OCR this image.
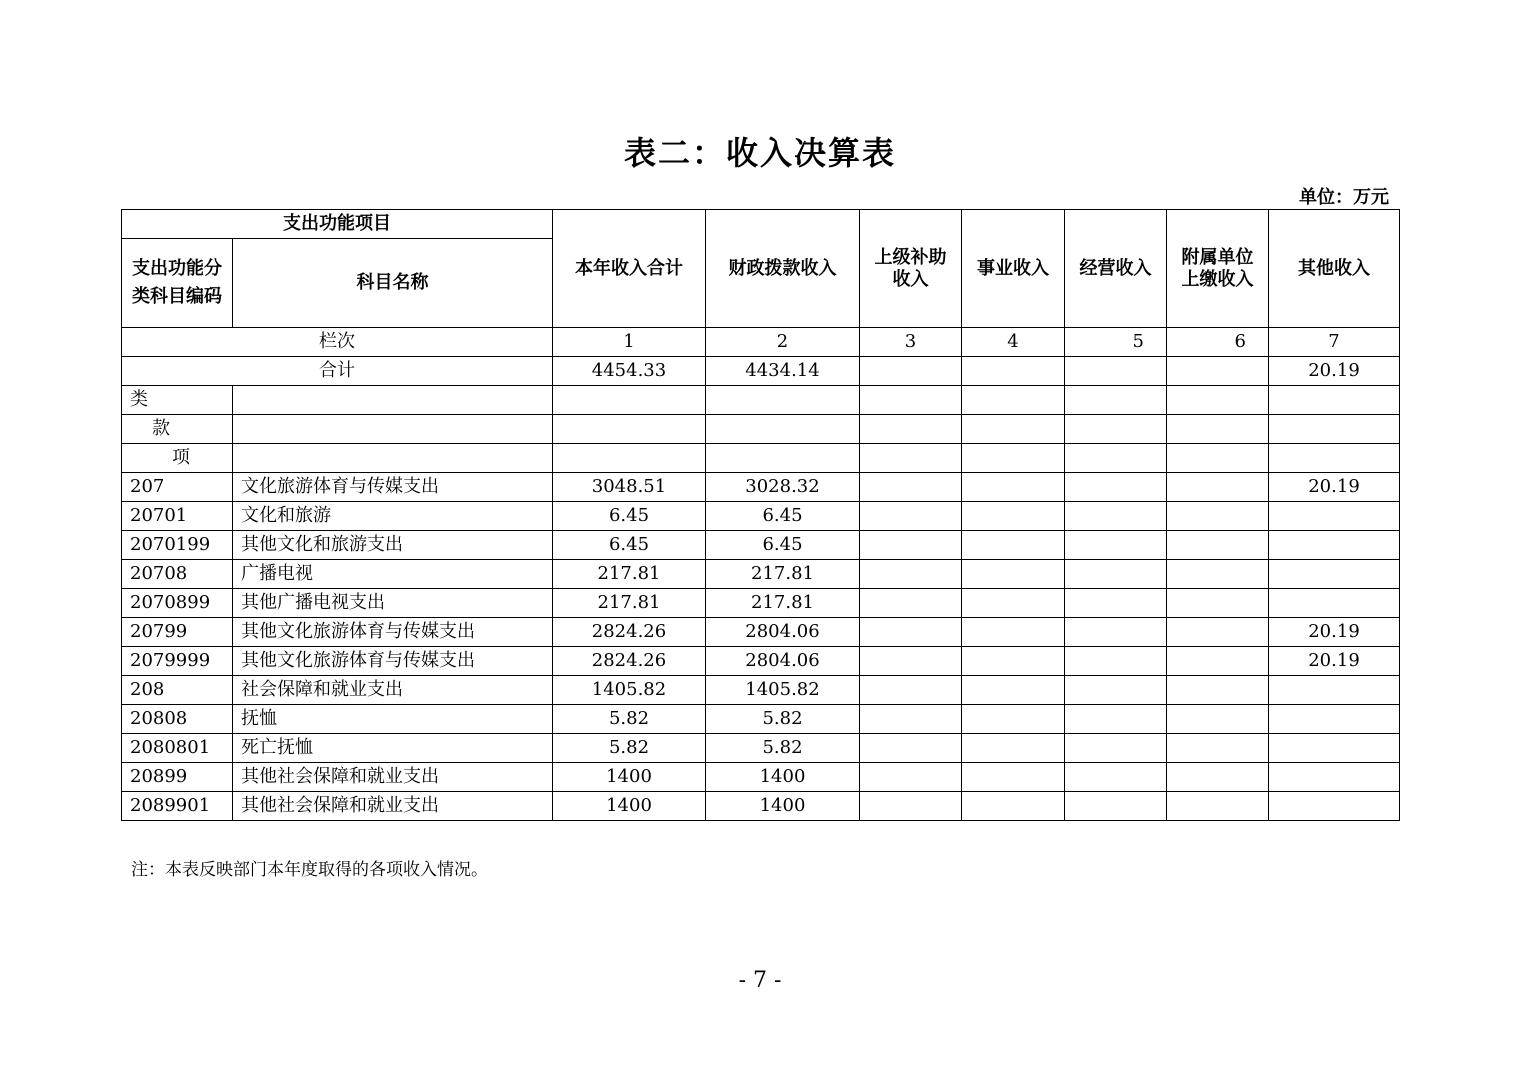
表二：收入决算表
单位：万元
支出功能项目		本年收入合计	财政拨款收入	上级补助收入	事业收入	经营收入	附属单位上缴收入	其他收入
支出功能分类科目编码	科目名称							
栏次		1	2	3	4	5	6	7
合计		4454.33	4434.14					20.19
类								
款								
项								
207	文化旅游体育与传媒支出	3048.51	3028.32					20.19
20701	文化和旅游	6.45	6.45					
2070199	其他文化和旅游支出	6.45	6.45					
20708	广播电视	217.81	217.81					
2070899	其他广播电视支出	217.81	217.81					
20799	其他文化旅游体育与传媒支出	2824.26	2804.06					20.19
2079999	其他文化旅游体育与传媒支出	2824.26	2804.06					20.19
208	社会保障和就业支出	1405.82	1405.82					
20808	抚恤	5.82	5.82					
2080801	死亡抚恤	5.82	5.82					
20899	其他社会保障和就业支出	1400	1400					
2089901	其他社会保障和就业支出	1400	1400					
注：本表反映部门本年度取得的各项收入情况。
- 7 -
